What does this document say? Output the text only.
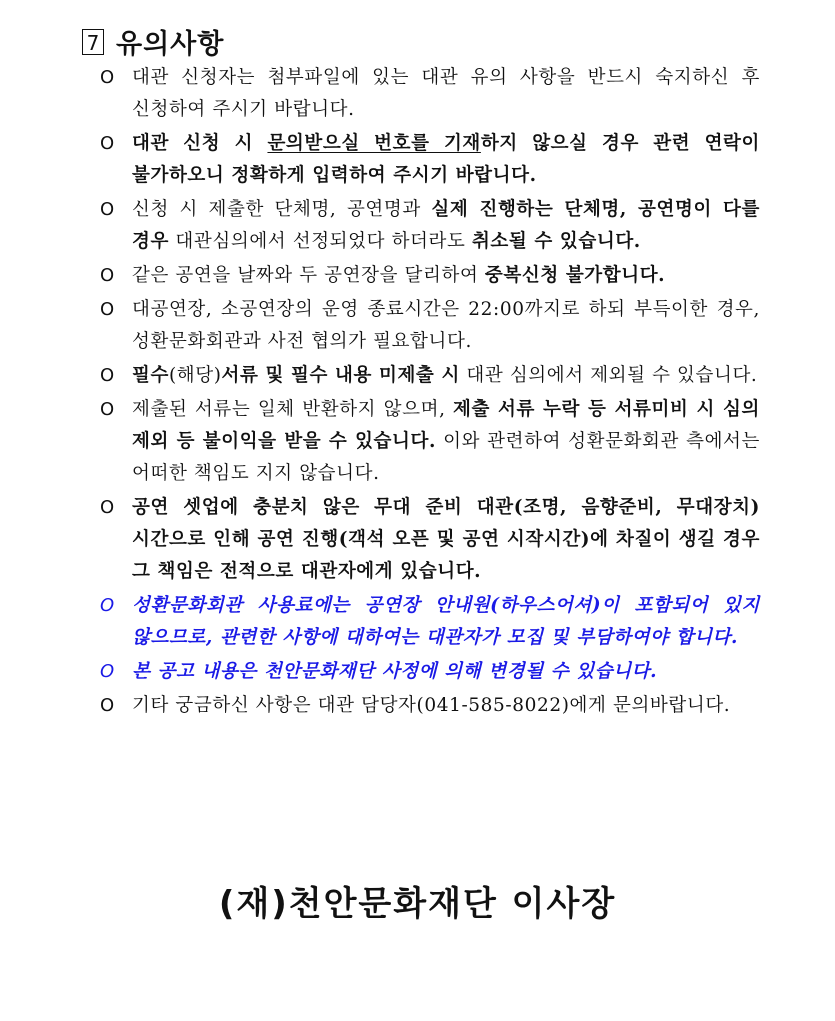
7 유의사항
O 대관 신청자는 첨부파일에 있는 대관 유의 사항을 반드시 숙지하신 후 신청하여 주시기 바랍니다.
O 대관 신청 시 문의받으실 번호를 기재하지 않으실 경우 관련 연락이 불가하오니 정확하게 입력하여 주시기 바랍니다.
O 신청 시 제출한 단체명, 공연명과 실제 진행하는 단체명, 공연명이 다를 경우 대관심의에서 선정되었다 하더라도 취소될 수 있습니다.
O 같은 공연을 날짜와 두 공연장을 달리하여 중복신청 불가합니다.
O 대공연장, 소공연장의 운영 종료시간은 22:00까지로 하되 부득이한 경우, 성환문화회관과 사전 협의가 필요합니다.
O 필수(해당)서류 및 필수 내용 미제출 시 대관 심의에서 제외될 수 있습니다.
O 제출된 서류는 일체 반환하지 않으며, 제출 서류 누락 등 서류미비 시 심의 제외 등 불이익을 받을 수 있습니다. 이와 관련하여 성환문화회관 측에서는 어떠한 책임도 지지 않습니다.
O 공연 셋업에 충분치 않은 무대 준비 대관(조명, 음향준비, 무대장치) 시간으로 인해 공연 진행(객석 오픈 및 공연 시작시간)에 차질이 생길 경우 그 책임은 전적으로 대관자에게 있습니다.
O 성환문화회관 사용료에는 공연장 안내원(하우스어셔)이 포함되어 있지 않으므로, 관련한 사항에 대하여는 대관자가 모집 및 부담하여야 합니다.
O 본 공고 내용은 천안문화재단 사정에 의해 변경될 수 있습니다.
O 기타 궁금하신 사항은 대관 담당자(041-585-8022)에게 문의바랍니다.
(재)천안문화재단 이사장
